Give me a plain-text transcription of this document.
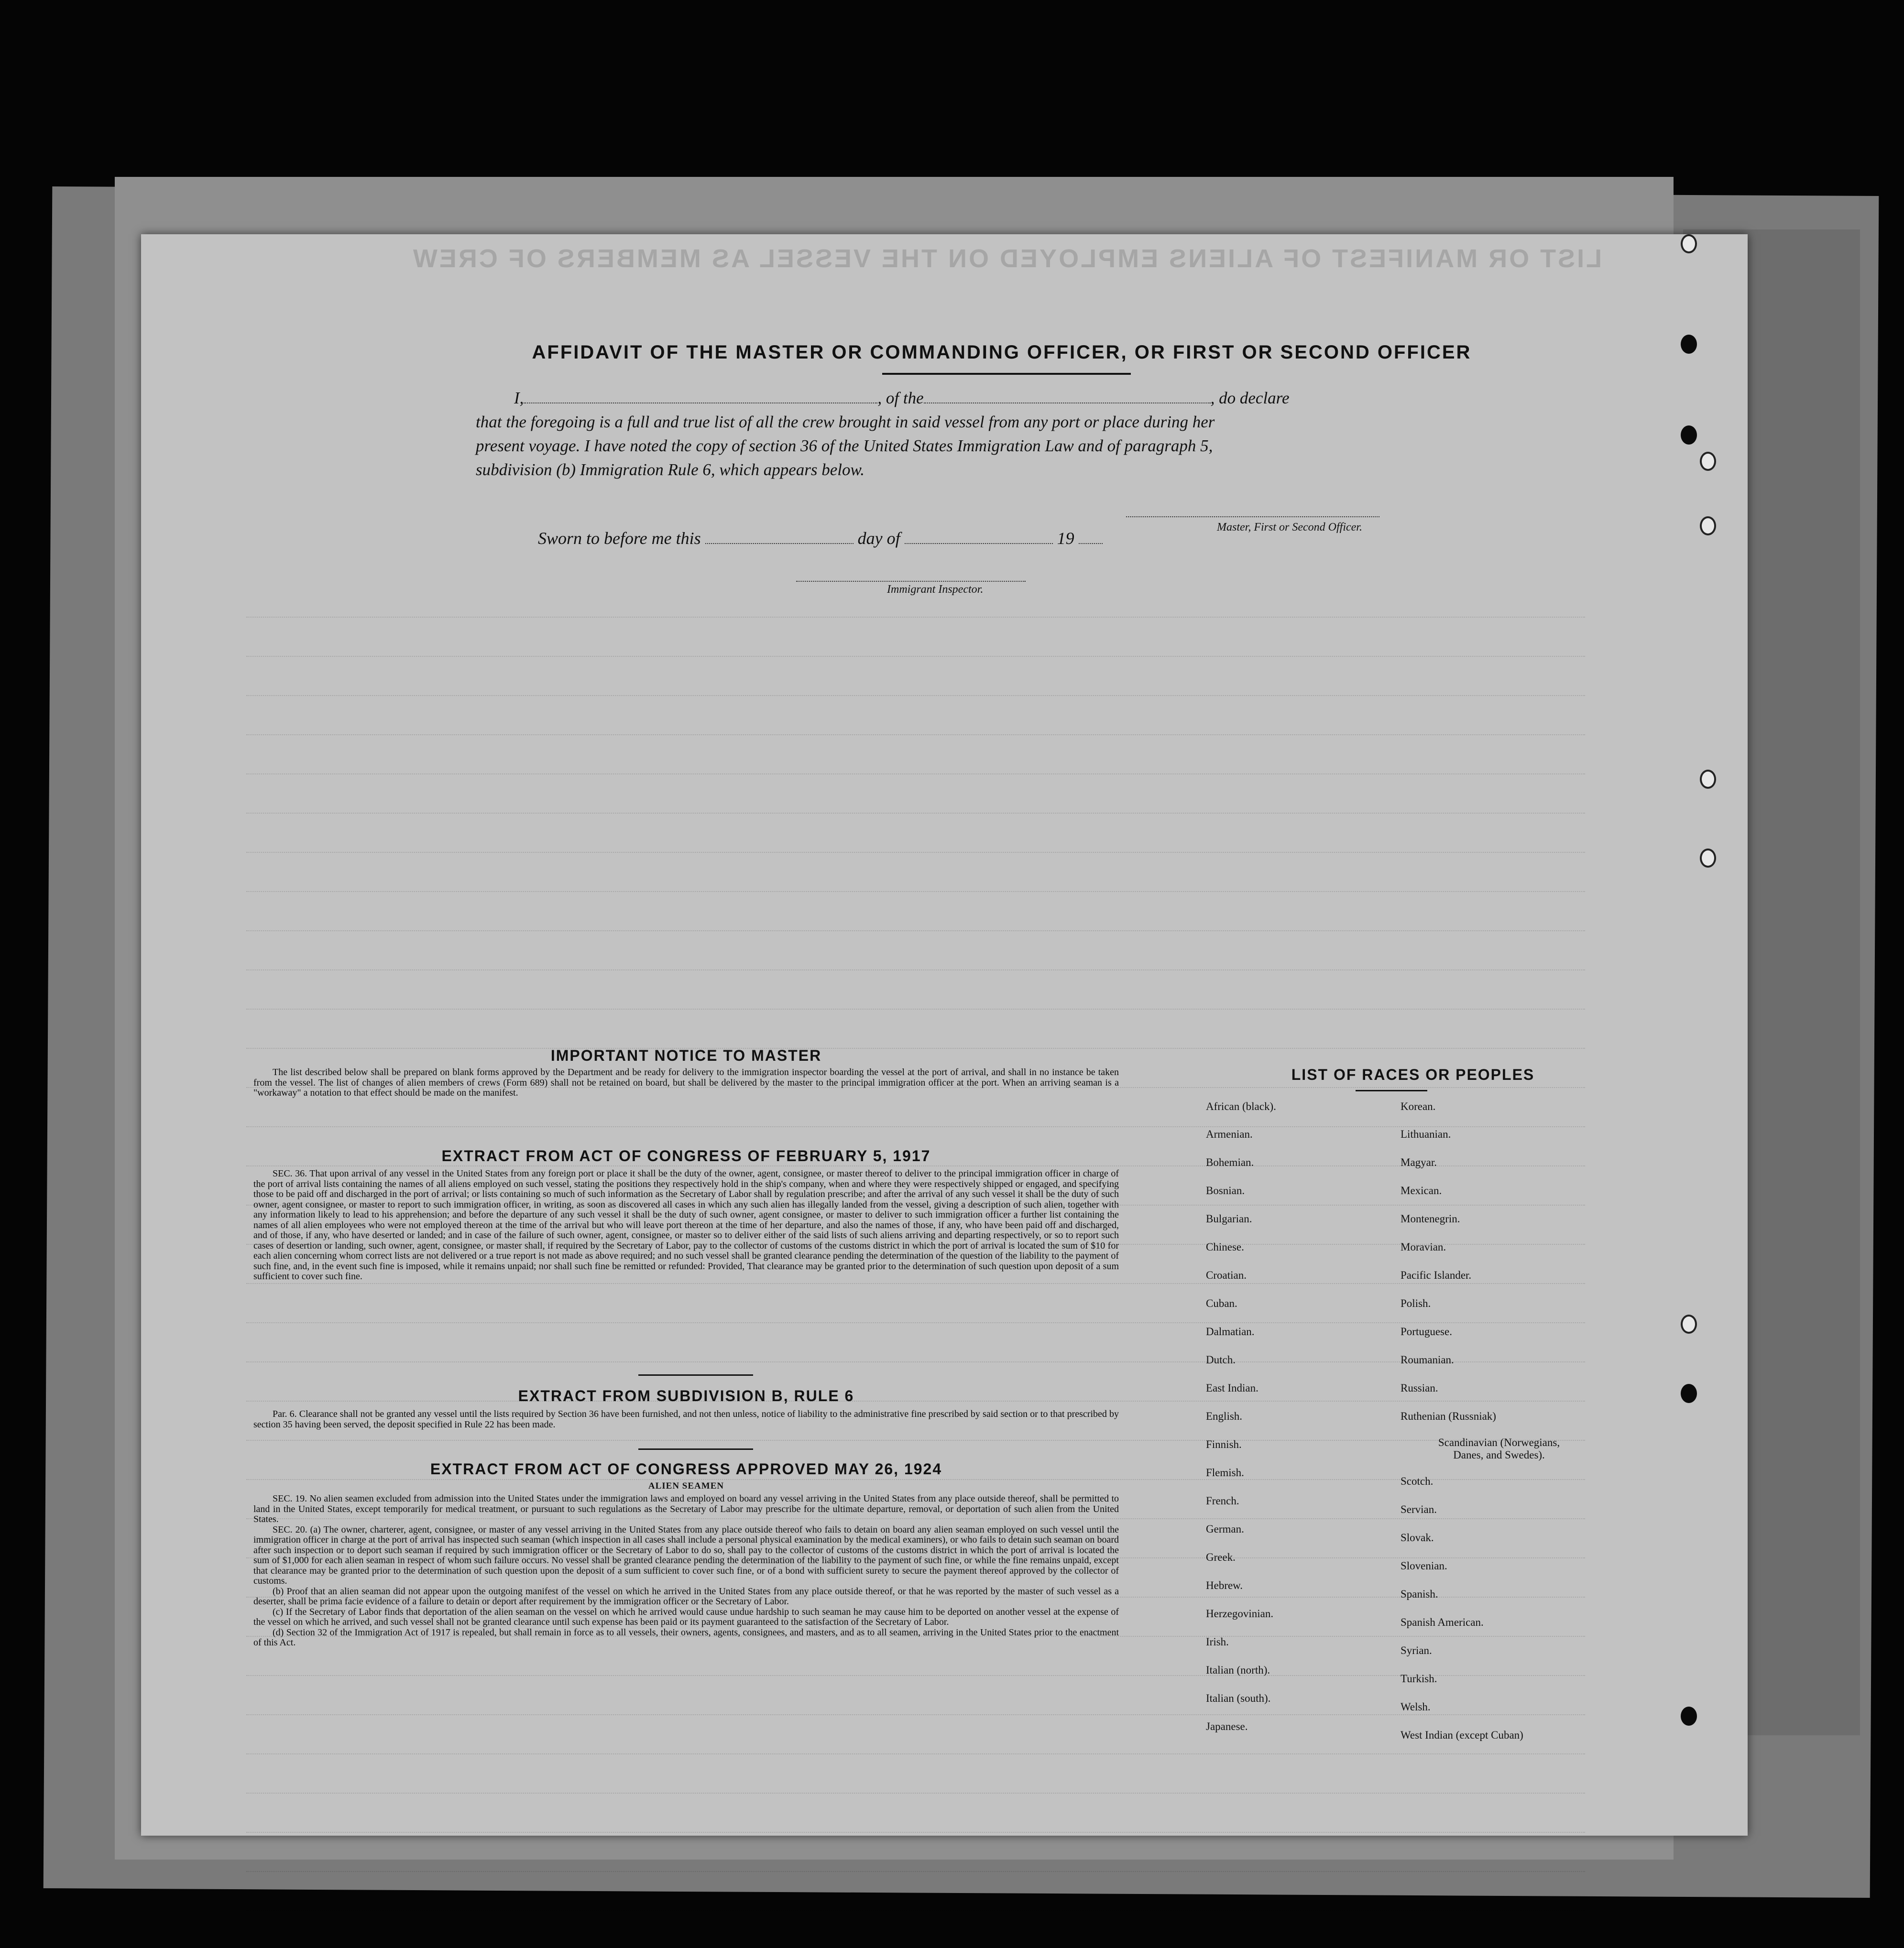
LIST OR MANIFEST OF ALIENS EMPLOYED ON THE VESSEL AS MEMBERS OF CREW
AFFIDAVIT OF THE MASTER OR COMMANDING OFFICER, OR FIRST OR SECOND OFFICER
I,	, of the	, do declare
that the foregoing is a full and true list of all the crew brought in said vessel from any port or place during her
present voyage. I have noted the copy of section 36 of the United States Immigration Law and of paragraph 5,
subdivision (b) Immigration Rule 6, which appears below.
Master, First or Second Officer.
Sworn to before me this	day of	19
Immigrant Inspector.
IMPORTANT NOTICE TO MASTER

The list described below shall be prepared on blank forms approved by the Department and be ready for delivery to the immigration inspector boarding the vessel at the port of arrival, and shall in no instance be taken from the vessel. The list of changes of alien members of crews (Form 689) shall not be retained on board, but shall be delivered by the master to the principal immigration officer at the port. When an arriving seaman is a "workaway" a notation to that effect should be made on the manifest.

EXTRACT FROM ACT OF CONGRESS OF FEBRUARY 5, 1917

SEC. 36. That upon arrival of any vessel in the United States from any foreign port or place it shall be the duty of the owner, agent, consignee, or master thereof to deliver to the principal immigration officer in charge of the port of arrival lists containing the names of all aliens employed on such vessel, stating the positions they respectively hold in the ship's company, when and where they were respectively shipped or engaged, and specifying those to be paid off and discharged in the port of arrival; or lists containing so much of such information as the Secretary of Labor shall by regulation prescribe; and after the arrival of any such vessel it shall be the duty of such owner, agent consignee, or master to report to such immigration officer, in writing, as soon as discovered all cases in which any such alien has illegally landed from the vessel, giving a description of such alien, together with any information likely to lead to his apprehension; and before the departure of any such vessel it shall be the duty of such owner, agent consignee, or master to deliver to such immigration officer a further list containing the names of all alien employees who were not employed thereon at the time of the arrival but who will leave port thereon at the time of her departure, and also the names of those, if any, who have been paid off and discharged, and of those, if any, who have deserted or landed; and in case of the failure of such owner, agent, consignee, or master so to deliver either of the said lists of such aliens arriving and departing respectively, or so to report such cases of desertion or landing, such owner, agent, consignee, or master shall, if required by the Secretary of Labor, pay to the collector of customs of the customs district in which the port of arrival is located the sum of $10 for each alien concerning whom correct lists are not delivered or a true report is not made as above required; and no such vessel shall be granted clearance pending the determination of the question of the liability to the payment of such fine, and, in the event such fine is imposed, while it remains unpaid; nor shall such fine be remitted or refunded: Provided, That clearance may be granted prior to the determination of such question upon deposit of a sum sufficient to cover such fine.

EXTRACT FROM SUBDIVISION B, RULE 6

Par. 6. Clearance shall not be granted any vessel until the lists required by Section 36 have been furnished, and not then unless, notice of liability to the administrative fine prescribed by said section or to that prescribed by section 35 having been served, the deposit specified in Rule 22 has been made.

EXTRACT FROM ACT OF CONGRESS APPROVED MAY 26, 1924
ALIEN SEAMEN

SEC. 19. No alien seamen excluded from admission into the United States under the immigration laws and employed on board any vessel arriving in the United States from any place outside thereof, shall be permitted to land in the United States, except temporarily for medical treatment, or pursuant to such regulations as the Secretary of Labor may prescribe for the ultimate departure, removal, or deportation of such alien from the United States.

SEC. 20. (a) The owner, charterer, agent, consignee, or master of any vessel arriving in the United States from any place outside thereof who fails to detain on board any alien seaman employed on such vessel until the immigration officer in charge at the port of arrival has inspected such seaman (which inspection in all cases shall include a personal physical examination by the medical examiners), or who fails to detain such seaman on board after such inspection or to deport such seaman if required by such immigration officer or the Secretary of Labor to do so, shall pay to the collector of customs of the customs district in which the port of arrival is located the sum of $1,000 for each alien seaman in respect of whom such failure occurs. No vessel shall be granted clearance pending the determination of the liability to the payment of such fine, or while the fine remains unpaid, except that clearance may be granted prior to the determination of such question upon the deposit of a sum sufficient to cover such fine, or of a bond with sufficient surety to secure the payment thereof approved by the collector of customs.

(b) Proof that an alien seaman did not appear upon the outgoing manifest of the vessel on which he arrived in the United States from any place outside thereof, or that he was reported by the master of such vessel as a deserter, shall be prima facie evidence of a failure to detain or deport after requirement by the immigration officer or the Secretary of Labor.

(c) If the Secretary of Labor finds that deportation of the alien seaman on the vessel on which he arrived would cause undue hardship to such seaman he may cause him to be deported on another vessel at the expense of the vessel on which he arrived, and such vessel shall not be granted clearance until such expense has been paid or its payment guaranteed to the satisfaction of the Secretary of Labor.

(d) Section 32 of the Immigration Act of 1917 is repealed, but shall remain in force as to all vessels, their owners, agents, consignees, and masters, and as to all seamen, arriving in the United States prior to the enactment of this Act.

LIST OF RACES OR PEOPLES
African (black).
Armenian.
Bohemian.
Bosnian.
Bulgarian.
Chinese.
Croatian.
Cuban.
Dalmatian.
Dutch.
East Indian.
English.
Finnish.
Flemish.
French.
German.
Greek.
Hebrew.
Herzegovinian.
Irish.
Italian (north).
Italian (south).
Japanese.
Korean.
Lithuanian.
Magyar.
Mexican.
Montenegrin.
Moravian.
Pacific Islander.
Polish.
Portuguese.
Roumanian.
Russian.
Ruthenian (Russniak)
Scandinavian (Norwegians,
Danes, and Swedes).
Scotch.
Servian.
Slovak.
Slovenian.
Spanish.
Spanish American.
Syrian.
Turkish.
Welsh.
West Indian (except Cuban)
